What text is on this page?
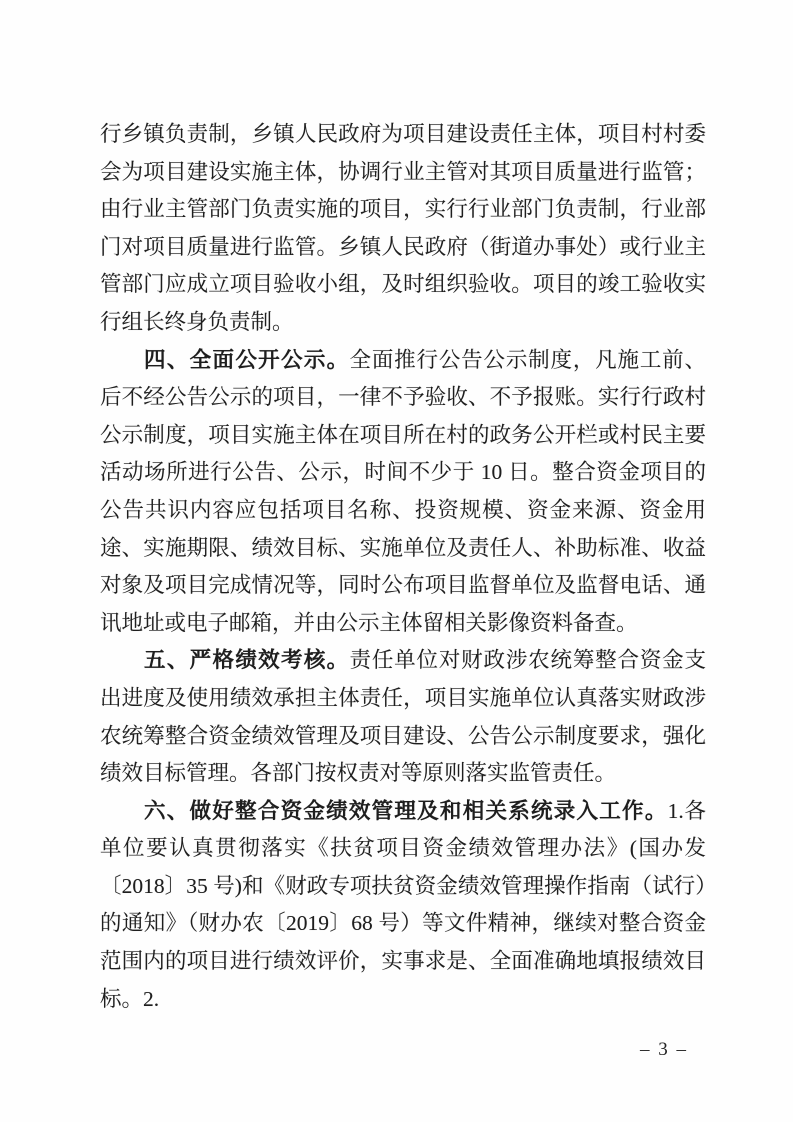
行乡镇负责制，乡镇人民政府为项目建设责任主体，项目村村委会为项目建设实施主体，协调行业主管对其项目质量进行监管；由行业主管部门负责实施的项目，实行行业部门负责制，行业部门对项目质量进行监管。乡镇人民政府（街道办事处）或行业主管部门应成立项目验收小组，及时组织验收。项目的竣工验收实行组长终身负责制。

四、全面公开公示。全面推行公告公示制度，凡施工前、后不经公告公示的项目，一律不予验收、不予报账。实行行政村公示制度，项目实施主体在项目所在村的政务公开栏或村民主要活动场所进行公告、公示，时间不少于 10 日。整合资金项目的公告共识内容应包括项目名称、投资规模、资金来源、资金用途、实施期限、绩效目标、实施单位及责任人、补助标准、收益对象及项目完成情况等，同时公布项目监督单位及监督电话、通讯地址或电子邮箱，并由公示主体留相关影像资料备查。

五、严格绩效考核。责任单位对财政涉农统筹整合资金支出进度及使用绩效承担主体责任，项目实施单位认真落实财政涉农统筹整合资金绩效管理及项目建设、公告公示制度要求，强化绩效目标管理。各部门按权责对等原则落实监管责任。

六、做好整合资金绩效管理及和相关系统录入工作。1.各单位要认真贯彻落实《扶贫项目资金绩效管理办法》(国办发〔2018〕35 号)和《财政专项扶贫资金绩效管理操作指南（试行）的通知》（财办农〔2019〕68 号）等文件精神，继续对整合资金范围内的项目进行绩效评价，实事求是、全面准确地填报绩效目标。2.

– 3 –
